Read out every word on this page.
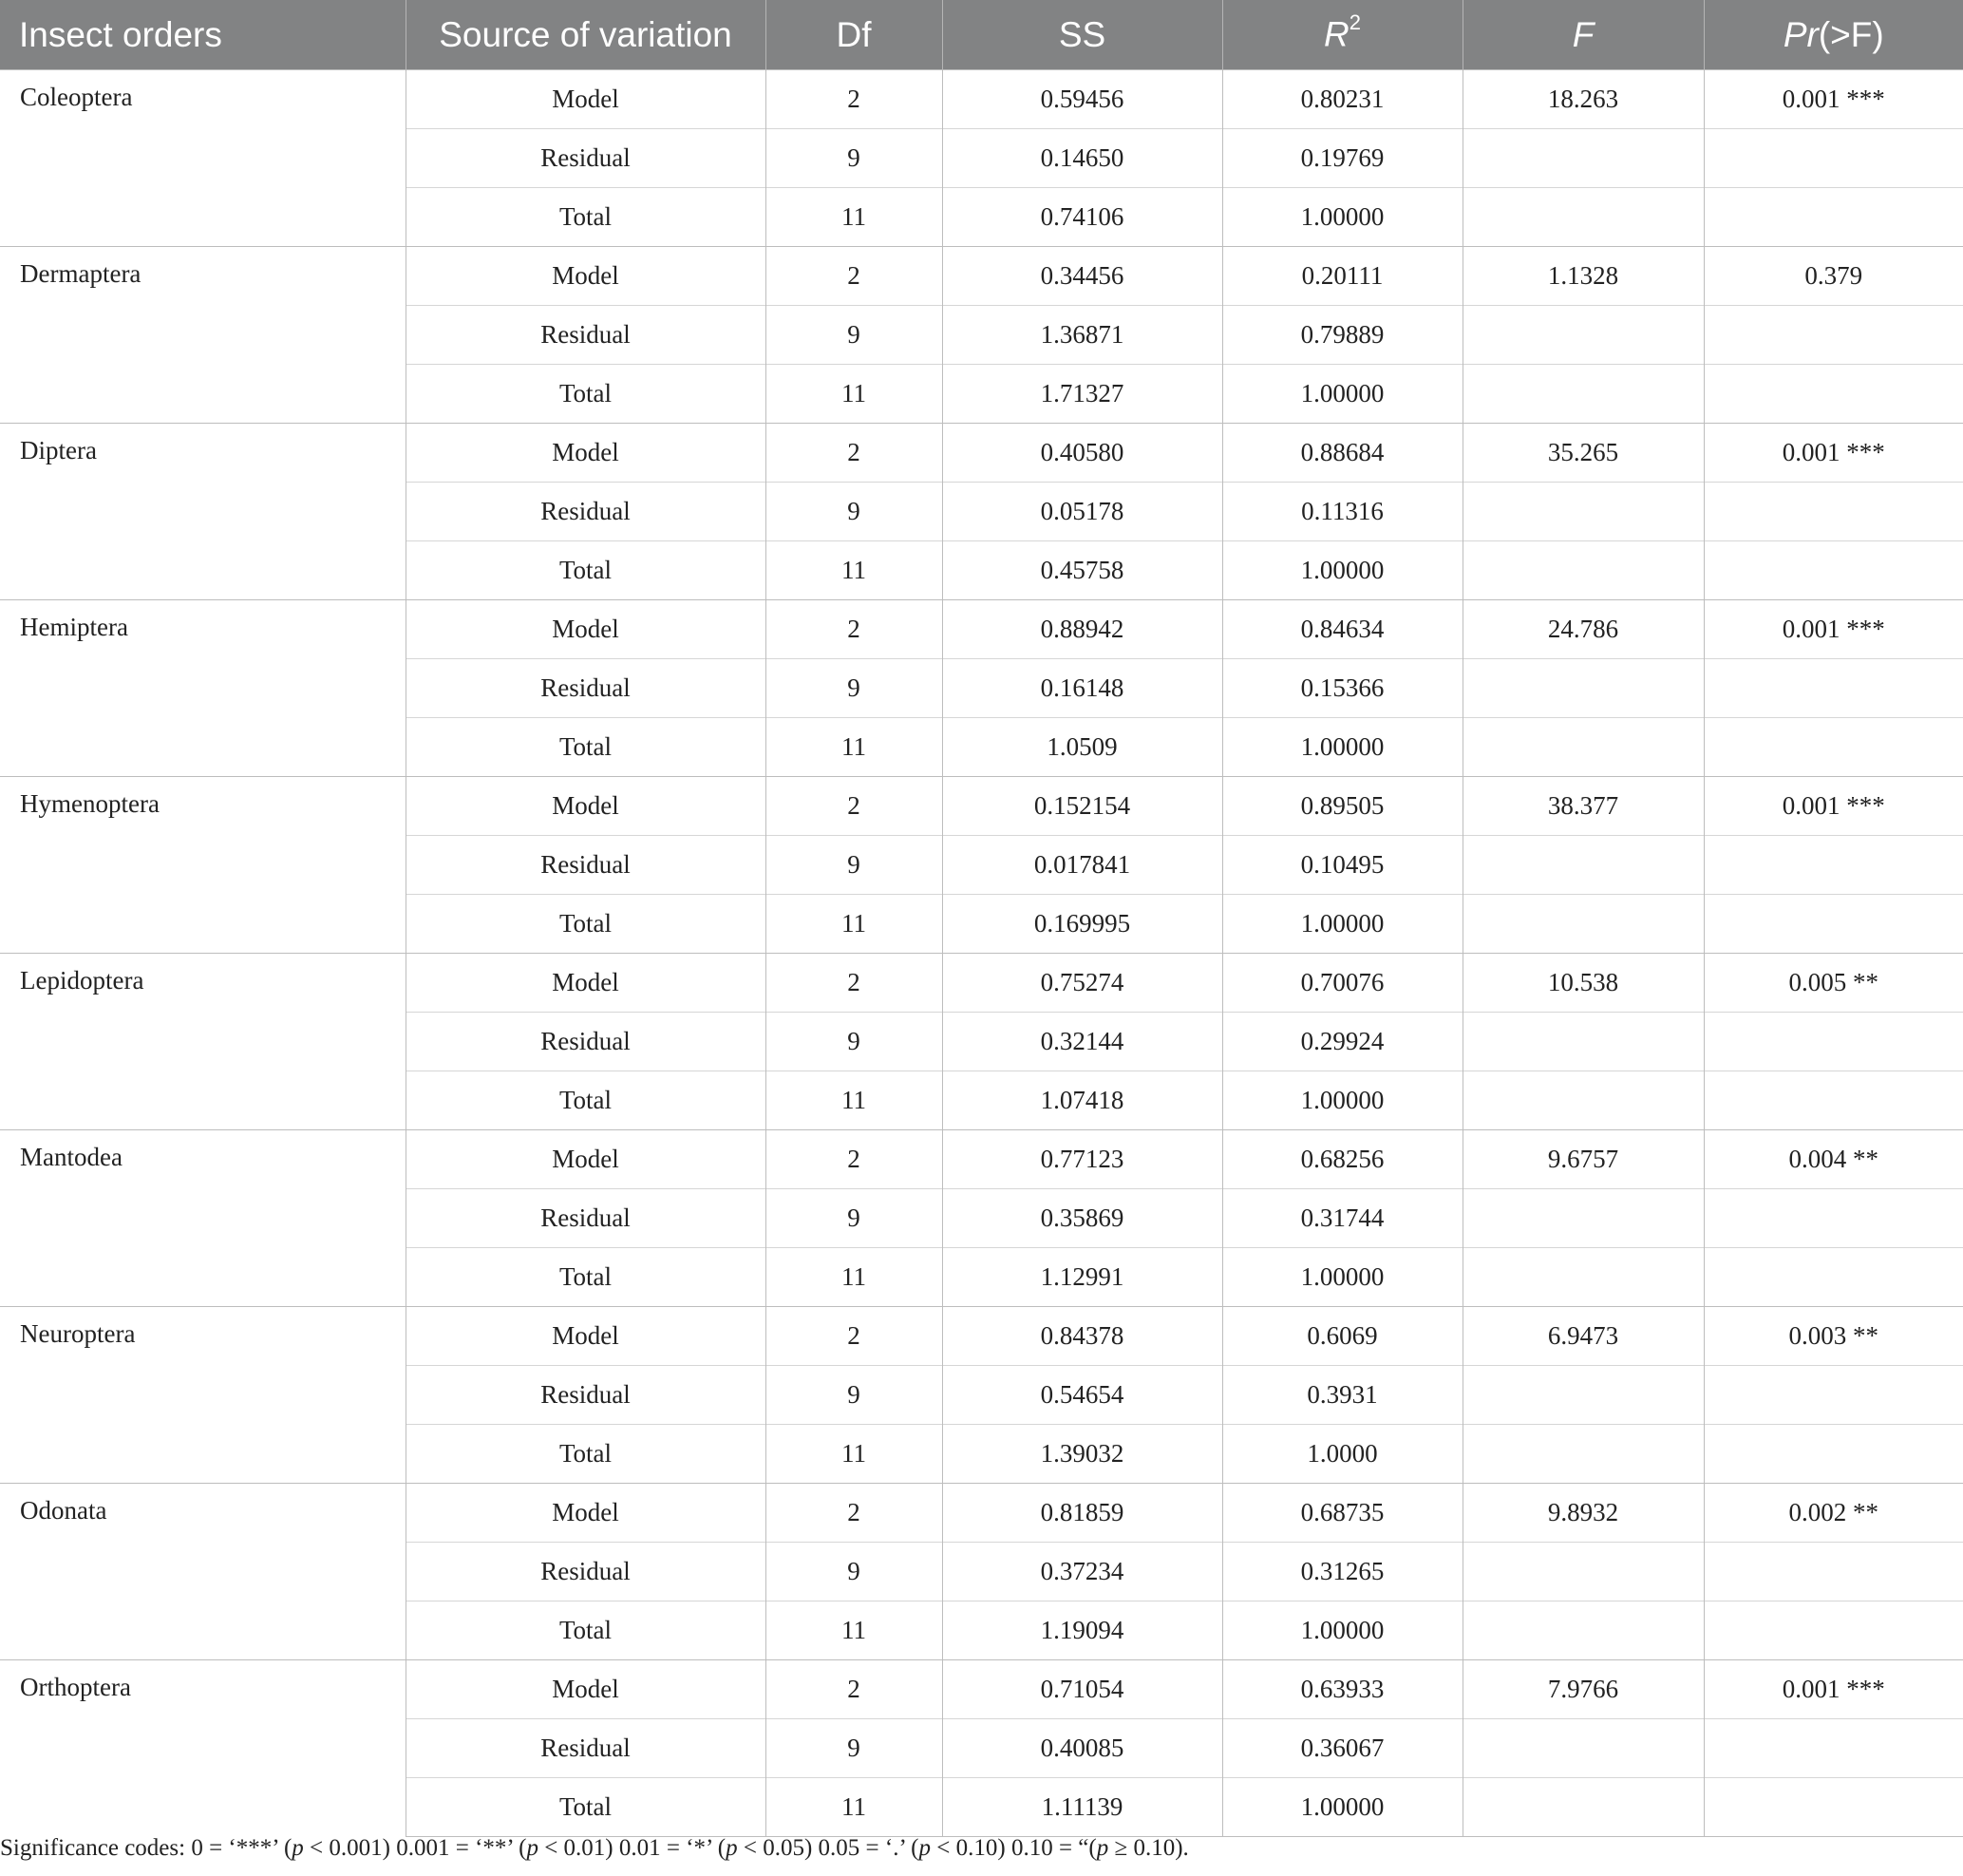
Insect orders	Source of variation	Df	SS	$R^2$	F	Pr(>F)
Coleoptera	Model	2	0.59456	0.80231	18.263	0.001 ***
	Residual	9	0.14650	0.19769		
	Total	11	0.74106	1.00000		
Dermaptera	Model	2	0.34456	0.20111	1.1328	0.379
	Residual	9	1.36871	0.79889		
	Total	11	1.71327	1.00000		
Diptera	Model	2	0.40580	0.88684	35.265	0.001 ***
	Residual	9	0.05178	0.11316		
	Total	11	0.45758	1.00000		
Hemiptera	Model	2	0.88942	0.84634	24.786	0.001 ***
	Residual	9	0.16148	0.15366		
	Total	11	1.0509	1.00000		
Hymenoptera	Model	2	0.152154	0.89505	38.377	0.001 ***
	Residual	9	0.017841	0.10495		
	Total	11	0.169995	1.00000		
Lepidoptera	Model	2	0.75274	0.70076	10.538	0.005 **
	Residual	9	0.32144	0.29924		
	Total	11	1.07418	1.00000		
Mantodea	Model	2	0.77123	0.68256	9.6757	0.004 **
	Residual	9	0.35869	0.31744		
	Total	11	1.12991	1.00000		
Neuroptera	Model	2	0.84378	0.6069	6.9473	0.003 **
	Residual	9	0.54654	0.3931		
	Total	11	1.39032	1.0000		
Odonata	Model	2	0.81859	0.68735	9.8932	0.002 **
	Residual	9	0.37234	0.31265		
	Total	11	1.19094	1.00000		
Orthoptera	Model	2	0.71054	0.63933	7.9766	0.001 ***
	Residual	9	0.40085	0.36067		
	Total	11	1.11139	1.00000		
Significance codes: 0 = ‘***’ (p < 0.001) 0.001 = ‘**’ (p < 0.01) 0.01 = ‘*’ (p < 0.05) 0.05 = ‘.’ (p < 0.10) 0.10 = “(p ≥ 0.10).
